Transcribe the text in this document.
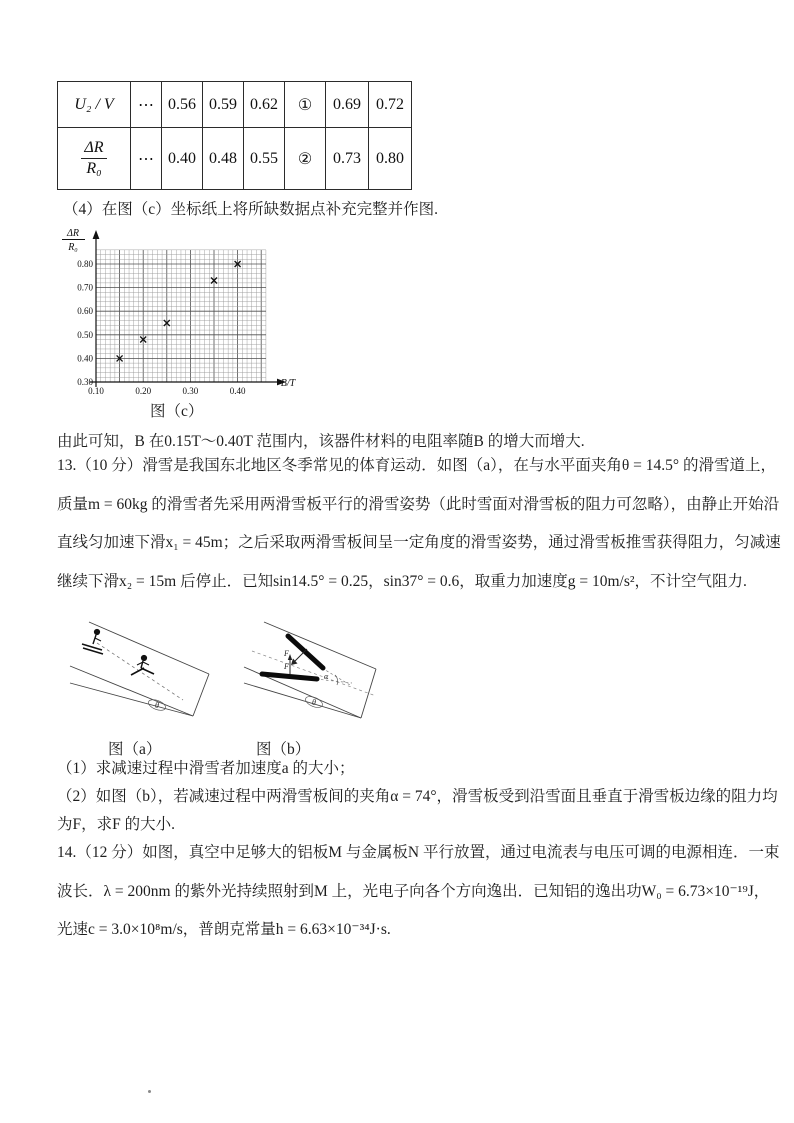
U₂ / V	⋯	0.56	0.59	0.62	①	0.69	0.72

$\frac{\Delta R}{\text{R₀}}$	⋯	0.40	0.48	0.55	②	0.73	0.80
（4）在图（c）坐标纸上将所缺数据点补充完整并作图.
ΔR
R₀
B/T
0.10	0.20	0.30	0.40
0.30
0.40
0.50
0.60
0.70
0.80
图（c）
由此可知，B 在0.15T～0.40T 范围内，该器件材料的电阻率随B 的增大而增大.
13.（10 分）滑雪是我国东北地区冬季常见的体育运动．如图（a），在与水平面夹角θ = 14.5° 的滑雪道上，
质量m = 60kg 的滑雪者先采用两滑雪板平行的滑雪姿势（此时雪面对滑雪板的阻力可忽略），由静止开始沿
直线匀加速下滑x₁ = 45m；之后采取两滑雪板间呈一定角度的滑雪姿势，通过滑雪板推雪获得阻力，匀减速
继续下滑x₂ = 15m 后停止．已知sin14.5° = 0.25，sin37° = 0.6，取重力加速度g = 10m/s²，不计空气阻力.
θ
F
F
α
θ
图（a）	图（b）
（1）求减速过程中滑雪者加速度a 的大小；
（2）如图（b），若减速过程中两滑雪板间的夹角α = 74°，滑雪板受到沿雪面且垂直于滑雪板边缘的阻力均
为F，求F 的大小.
14.（12 分）如图，真空中足够大的铝板M 与金属板N 平行放置，通过电流表与电压可调的电源相连．一束
波长．λ = 200nm 的紫外光持续照射到M 上，光电子向各个方向逸出．已知铝的逸出功W₀ = 6.73×10⁻¹⁹J，
光速c = 3.0×10⁸m/s，普朗克常量h = 6.63×10⁻³⁴J·s.
